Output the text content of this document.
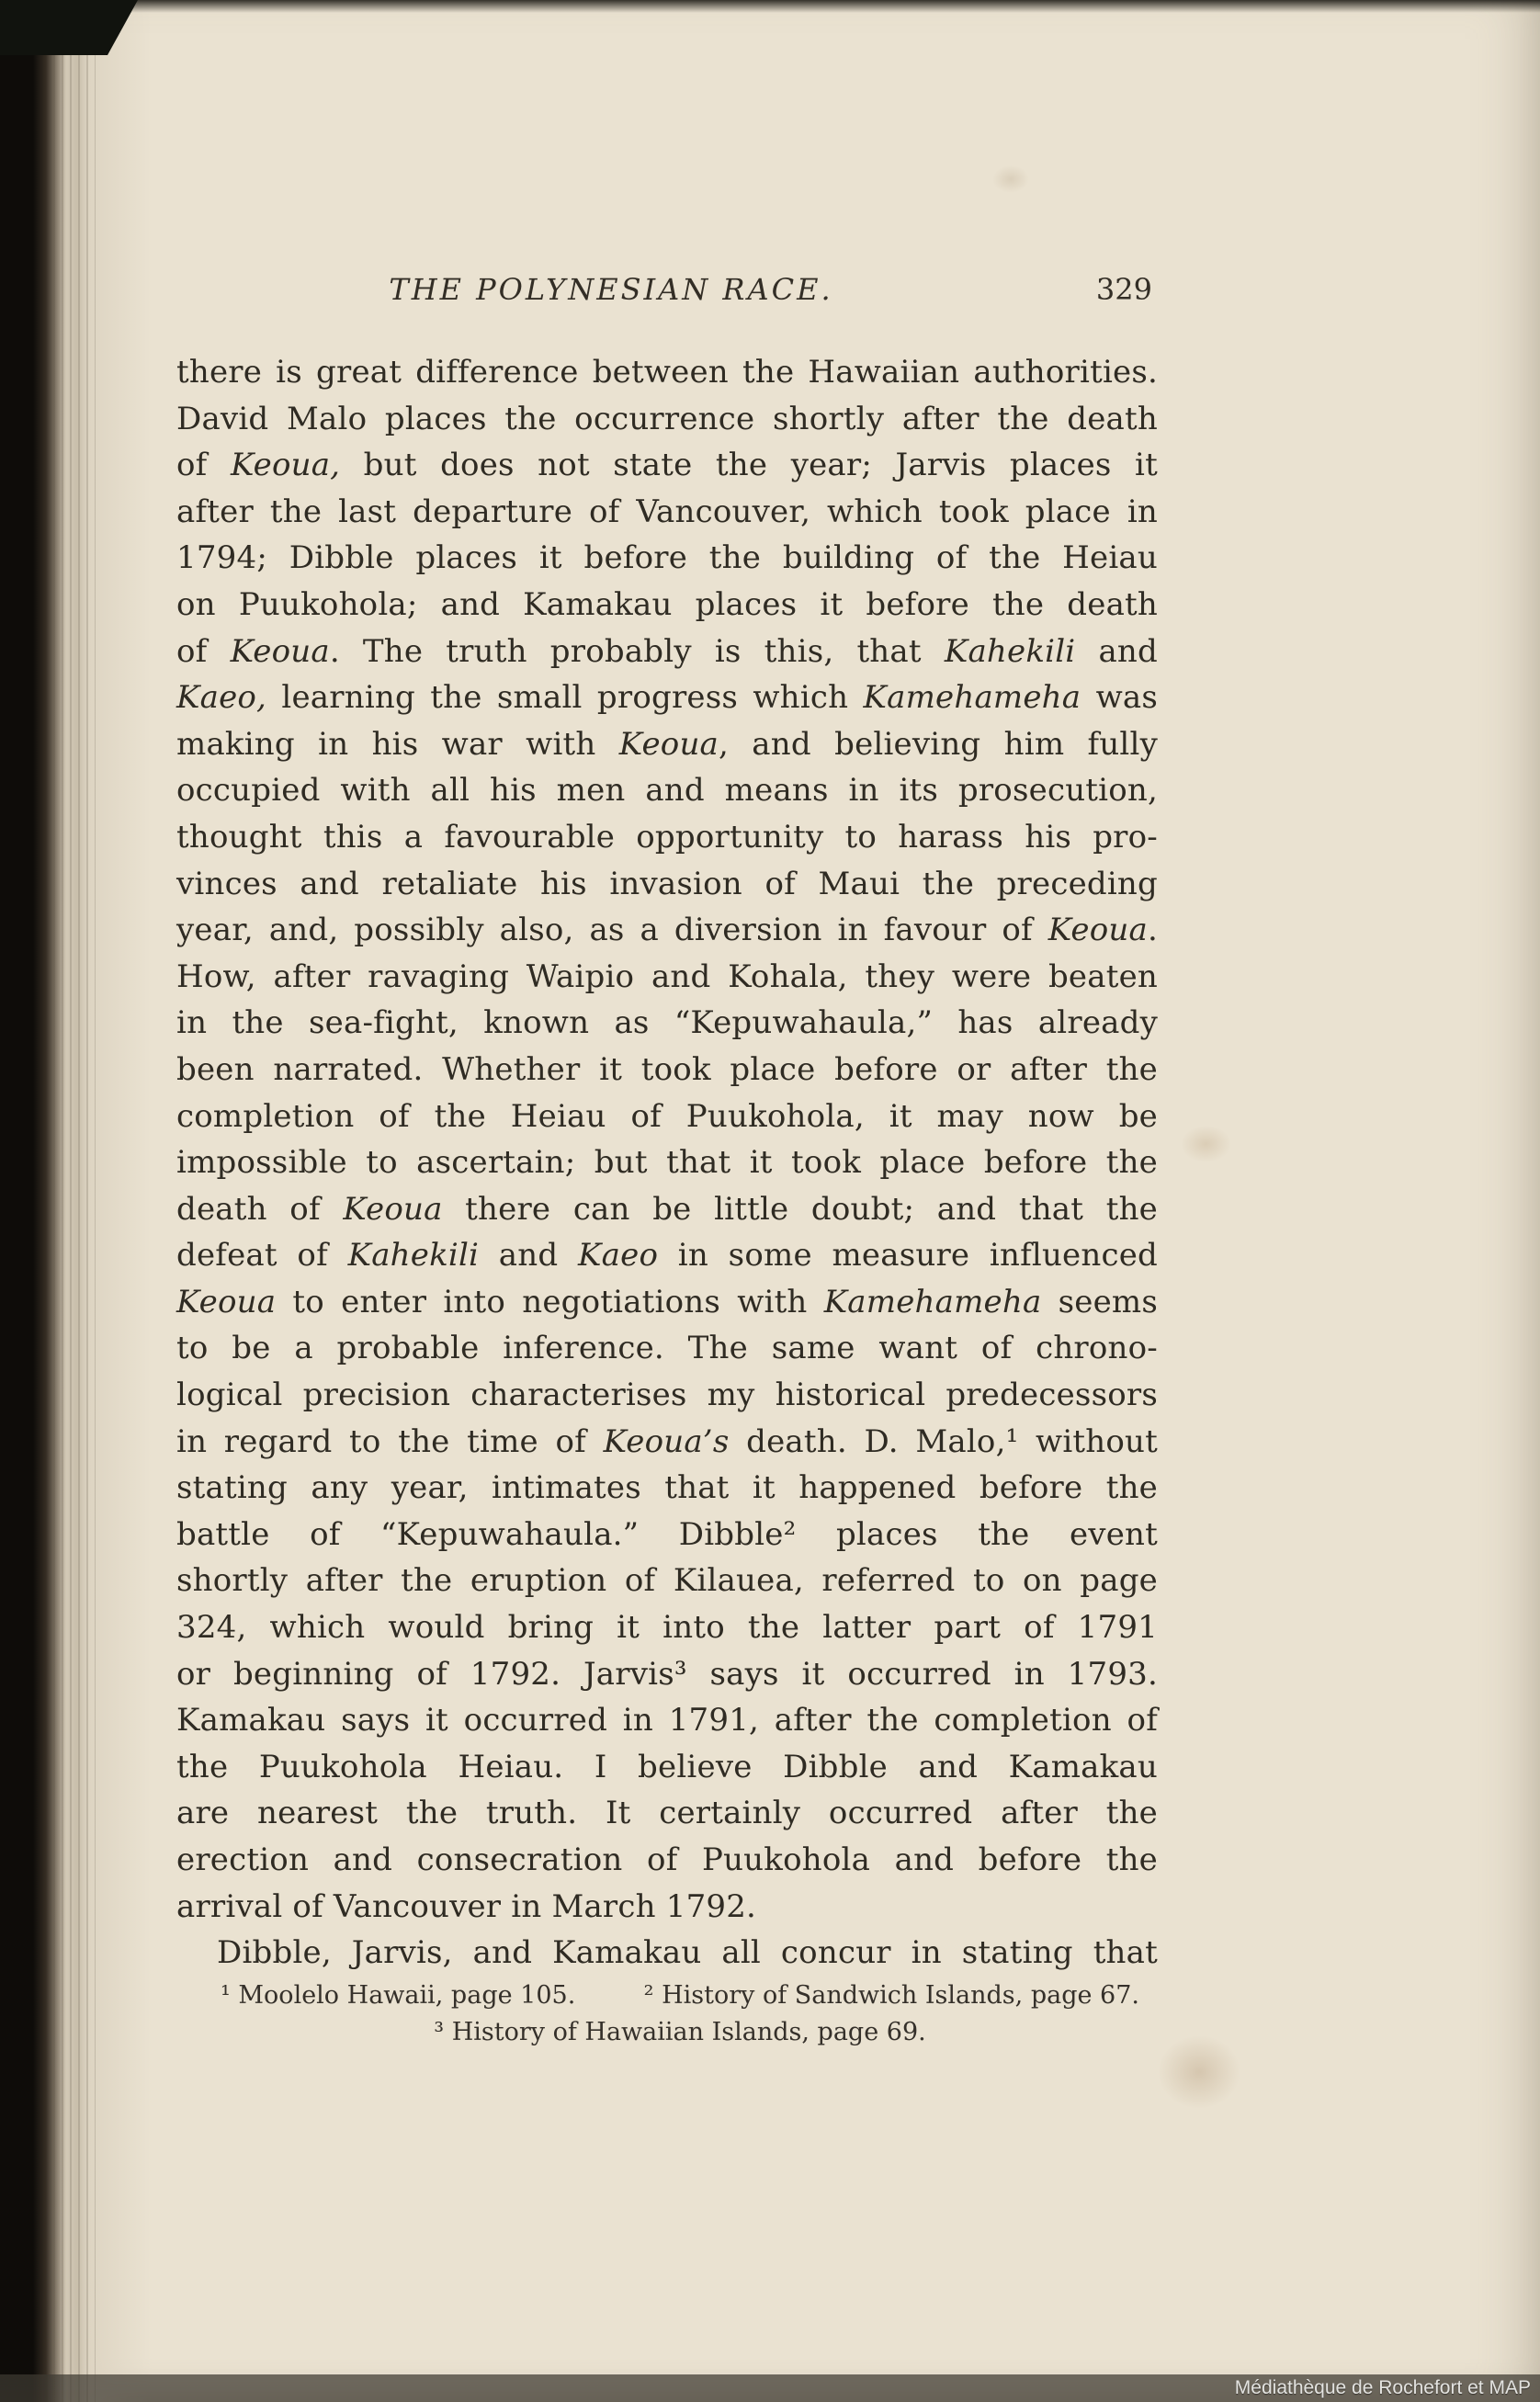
THE POLYNESIAN RACE.	329
there is great difference between the Hawaiian authorities.
David Malo places the occurrence shortly after the death
of Keoua, but does not state the year; Jarvis places it
after the last departure of Vancouver, which took place in
1794; Dibble places it before the building of the Heiau
on Puukohola; and Kamakau places it before the death
of Keoua. The truth probably is this, that Kahekili and
Kaeo, learning the small progress which Kamehameha was
making in his war with Keoua, and believing him fully
occupied with all his men and means in its prosecution,
thought this a favourable opportunity to harass his pro-
vinces and retaliate his invasion of Maui the preceding
year, and, possibly also, as a diversion in favour of Keoua.
How, after ravaging Waipio and Kohala, they were beaten
in the sea-fight, known as “Kepuwahaula,” has already
been narrated. Whether it took place before or after the
completion of the Heiau of Puukohola, it may now be
impossible to ascertain; but that it took place before the
death of Keoua there can be little doubt; and that the
defeat of Kahekili and Kaeo in some measure influenced
Keoua to enter into negotiations with Kamehameha seems
to be a probable inference. The same want of chrono-
logical precision characterises my historical predecessors
in regard to the time of Keoua’s death. D. Malo,¹ without
stating any year, intimates that it happened before the
battle of “Kepuwahaula.” Dibble² places the event
shortly after the eruption of Kilauea, referred to on page
324, which would bring it into the latter part of 1791
or beginning of 1792. Jarvis³ says it occurred in 1793.
Kamakau says it occurred in 1791, after the completion of
the Puukohola Heiau. I believe Dibble and Kamakau
are nearest the truth. It certainly occurred after the
erection and consecration of Puukohola and before the
arrival of Vancouver in March 1792.
Dibble, Jarvis, and Kamakau all concur in stating that
¹ Moolelo Hawaii, page 105.	² History of Sandwich Islands, page 67.
³ History of Hawaiian Islands, page 69.
Médiathèque de Rochefort et MAP
